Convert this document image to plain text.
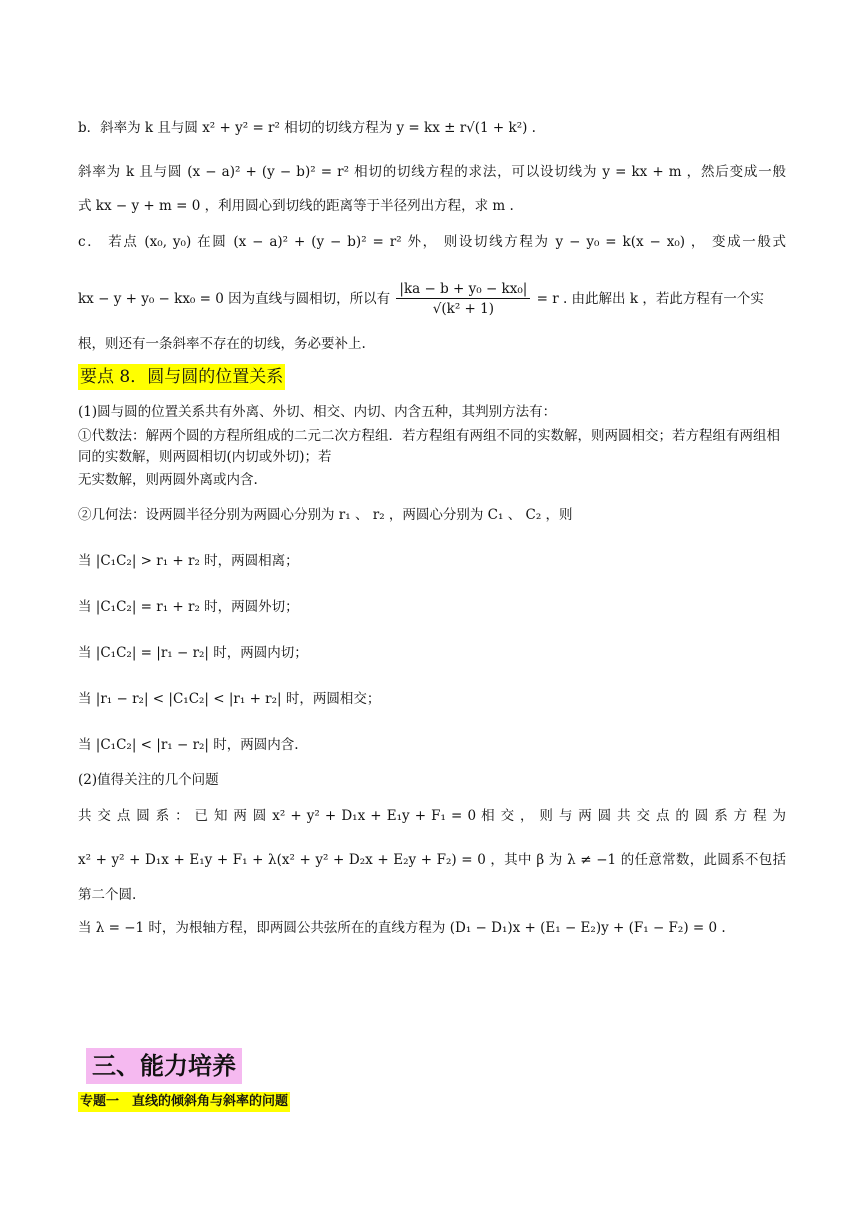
b．斜率为 k 且与圆 x² + y² = r² 相切的切线方程为 y = kx ± r√(1 + k²) .
斜率为 k 且与圆 (x − a)² + (y − b)² = r² 相切的切线方程的求法，可以设切线为 y = kx + m ，然后变成一般
式 kx − y + m = 0 ，利用圆心到切线的距离等于半径列出方程，求 m .
c． 若点 (x₀, y₀) 在圆 (x − a)² + (y − b)² = r² 外， 则设切线方程为 y − y₀ = k(x − x₀) ， 变成一般式
kx − y + y₀ − kx₀ = 0 因为直线与圆相切，所以有 $\frac{\text{|ka − b + y₀ − kx₀|}}{\text{√(k² + 1)}} = r$ . 由此解出 k ，若此方程有一个实
根，则还有一条斜率不存在的切线，务必要补上.
要点 8．圆与圆的位置关系
(1)圆与圆的位置关系共有外离、外切、相交、内切、内含五种，其判别方法有：
①代数法：解两个圆的方程所组成的二元二次方程组．若方程组有两组不同的实数解，则两圆相交；若方程组有两组相同的实数解，则两圆相切(内切或外切)；若
无实数解，则两圆外离或内含.
②几何法：设两圆半径分别为两圆心分别为 r₁ 、 r₂ ，两圆心分别为 C₁ 、 C₂ ，则
当 |C₁C₂| > r₁ + r₂ 时，两圆相离；
当 |C₁C₂| = r₁ + r₂ 时，两圆外切；
当 |C₁C₂| = |r₁ − r₂| 时，两圆内切；
当 |r₁ − r₂| < |C₁C₂| < |r₁ + r₂| 时，两圆相交；
当 |C₁C₂| < |r₁ − r₂| 时，两圆内含.
(2)值得关注的几个问题
共 交 点 圆 系 ： 已 知 两 圆 x² + y² + D₁x + E₁y + F₁ = 0 相 交 ， 则 与 两 圆 共 交 点 的 圆 系 方 程 为
x² + y² + D₁x + E₁y + F₁ + λ(x² + y² + D₂x + E₂y + F₂) = 0 ，其中 β 为 λ ≠ −1 的任意常数，此圆系不包括
第二个圆.
当 λ = −1 时，为根轴方程，即两圆公共弦所在的直线方程为 (D₁ − D₁)x + (E₁ − E₂)y + (F₁ − F₂) = 0 .
三、能力培养
专题一　直线的倾斜角与斜率的问题
